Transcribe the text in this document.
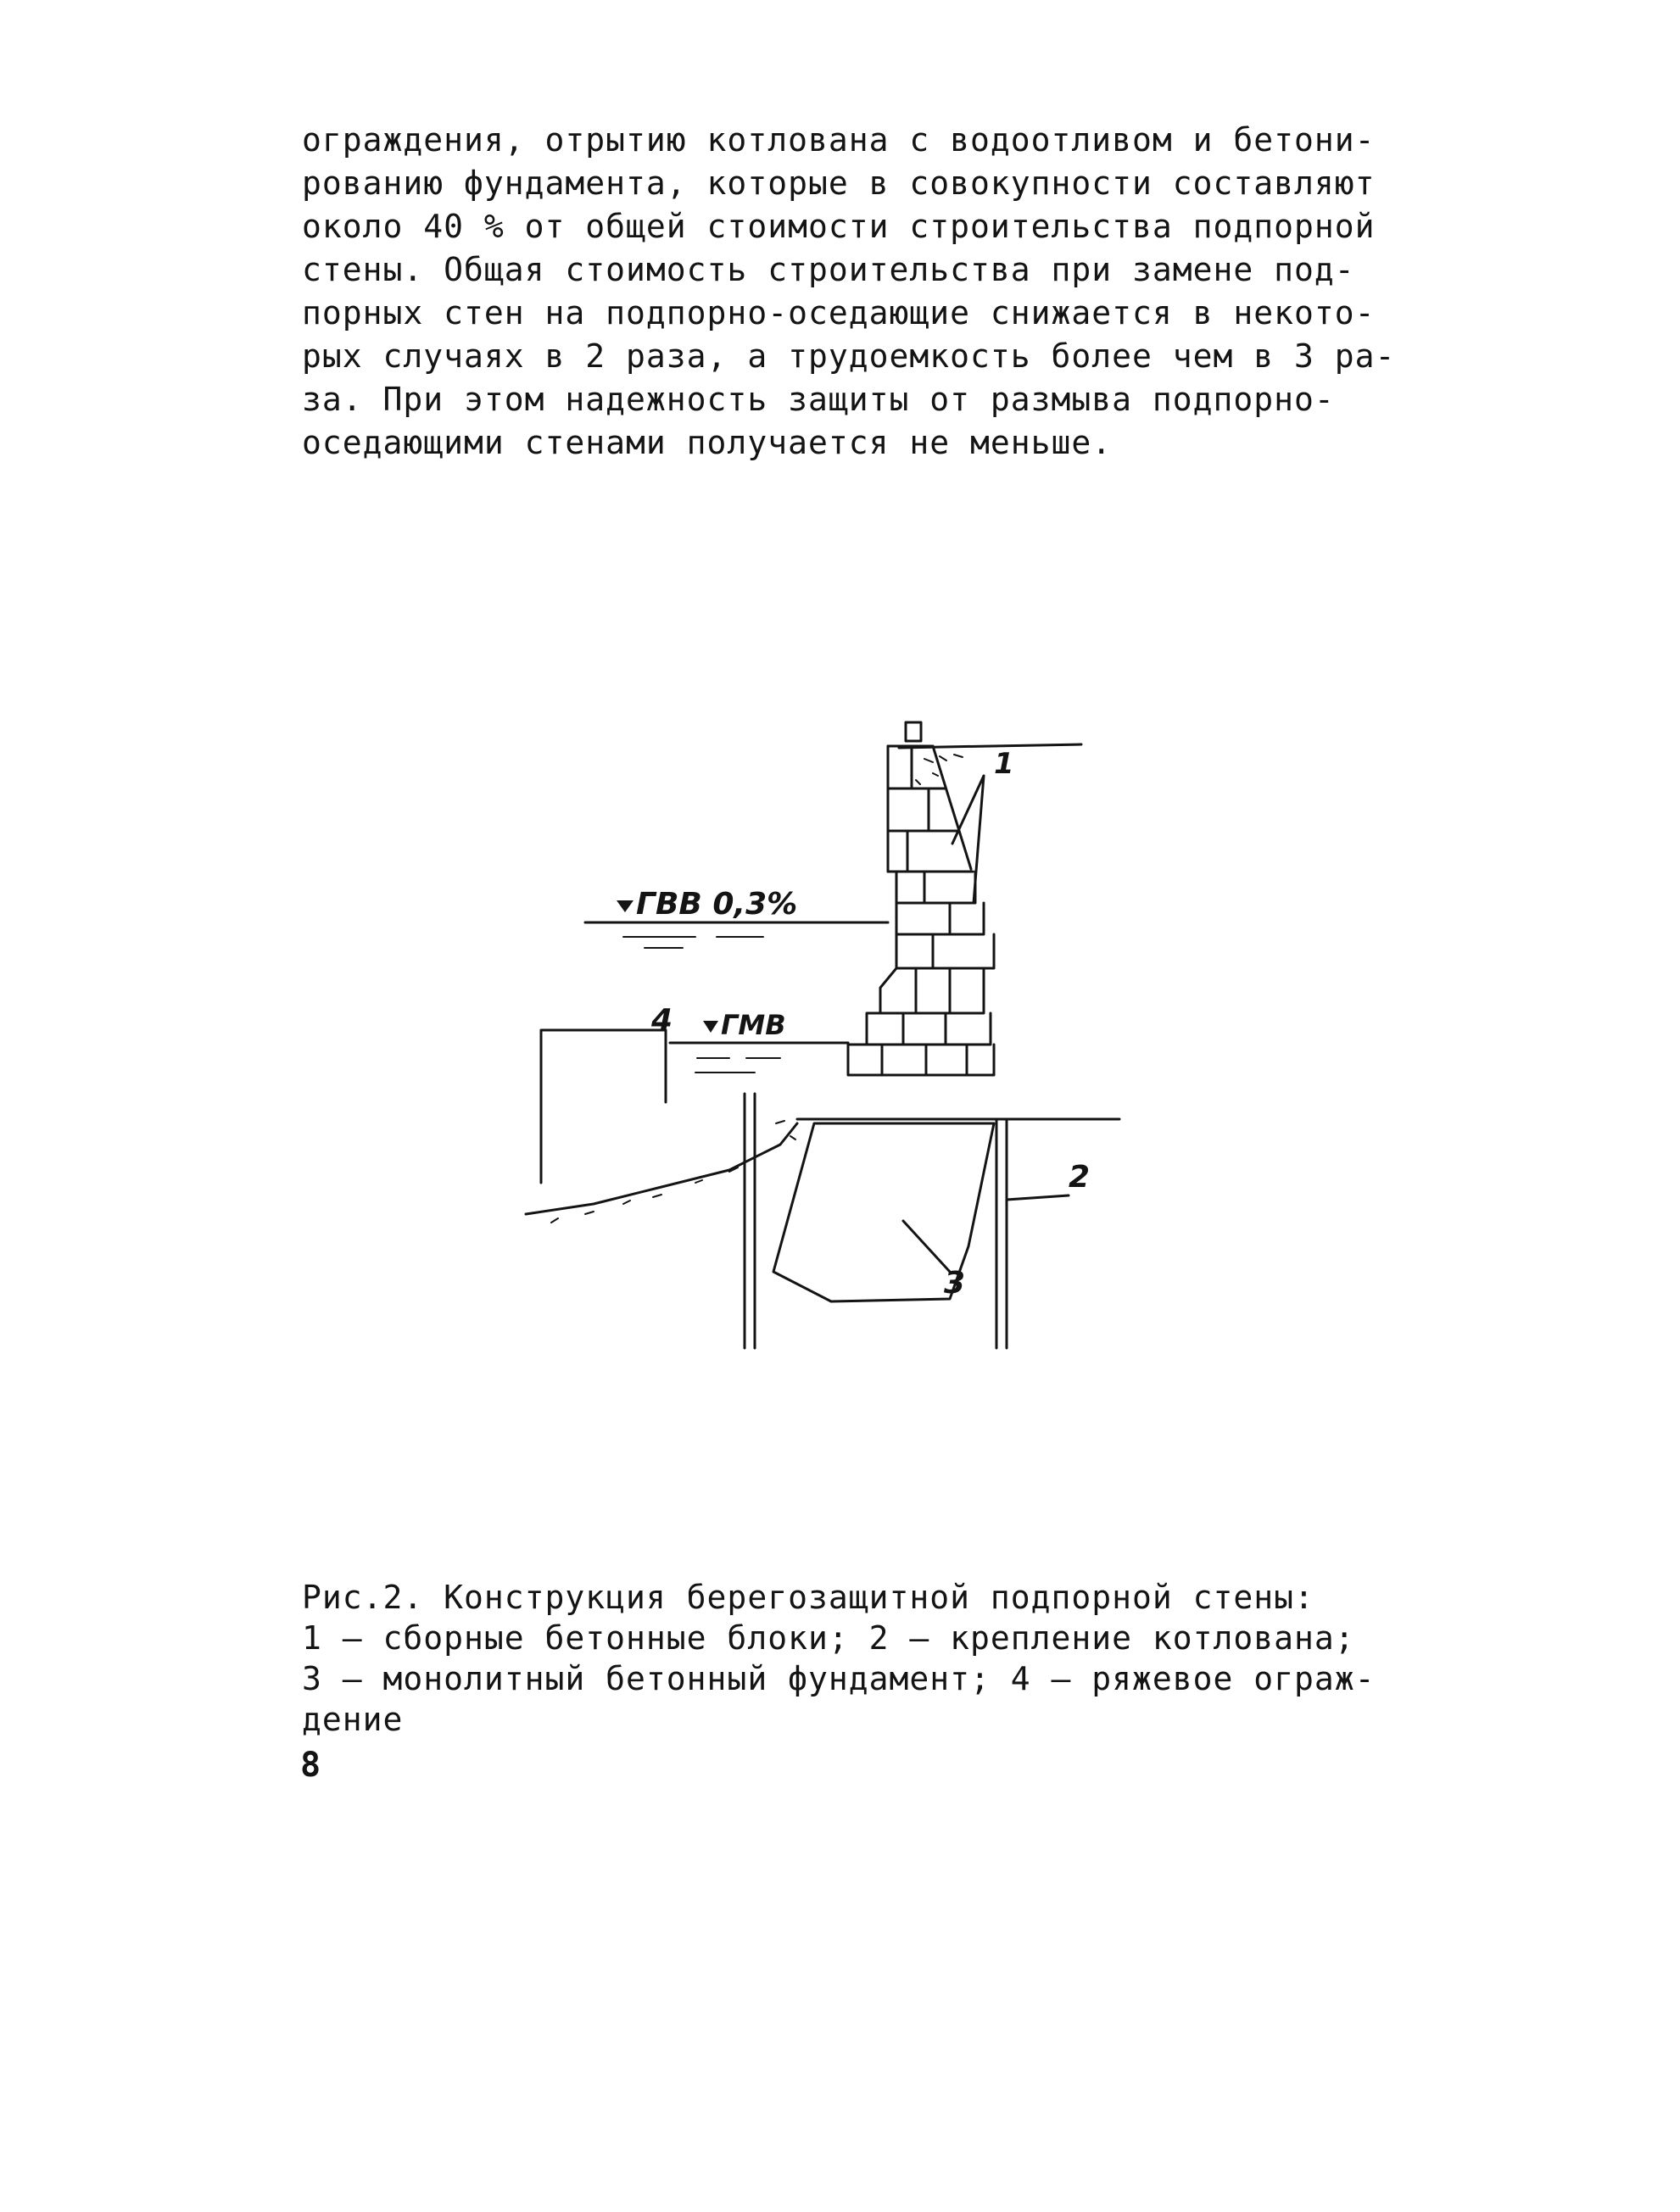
ограждения, отрытию котлована с водоотливом и бетони-
рованию фундамента, которые в совокупности составляют
около 40 % от общей стоимости строительства подпорной
стены. Общая стоимость строительства при замене под-
порных стен на подпорно-оседающие снижается в некото-
рых случаях в 2 раза, а трудоемкость более чем в 3 ра-
за. При этом надежность защиты от размыва подпорно-
оседающими стенами получается не меньше.
ГВВ 0,3%
ГМВ
1
2
3
4
Рис.2. Конструкция берегозащитной подпорной стены:
1 – сборные бетонные блоки; 2 – крепление котлована;
3 – монолитный бетонный фундамент; 4 – ряжевое ограж-
дение
8
